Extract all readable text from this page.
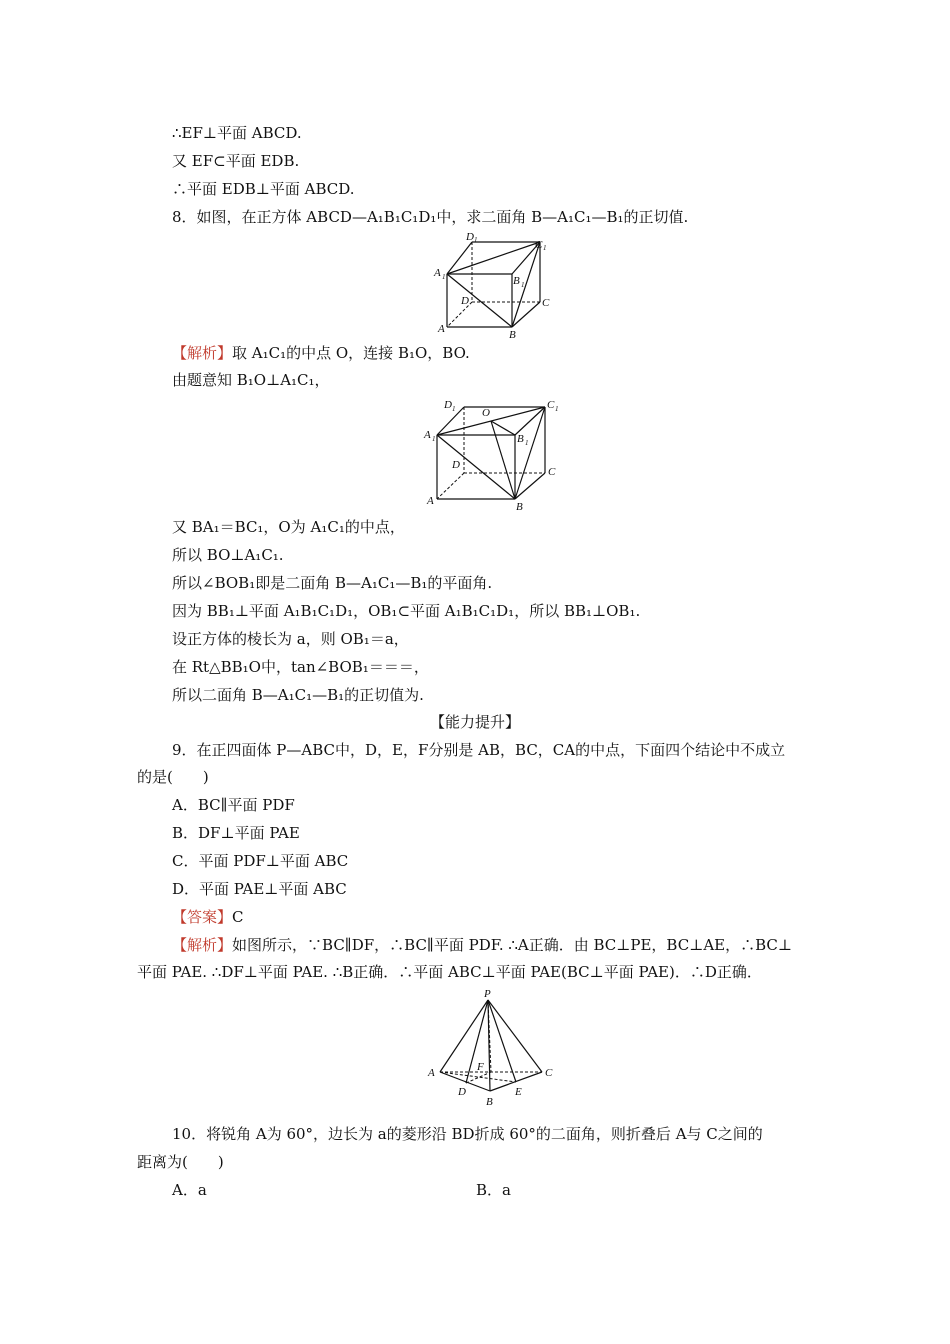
∴EF⊥平面 ABCD.
又 EF⊂平面 EDB.
∴平面 EDB⊥平面 ABCD.
8．如图，在正方体 ABCD—A₁B₁C₁D₁中，求二面角 B—A₁C₁—B₁的正切值.
D 1	C 1
A 1	B 1
D	C
A	B
【解析】取 A₁C₁的中点 O，连接 B₁O，BO.
由题意知 B₁O⊥A₁C₁，
D 1 O
C 1
A 1	B 1
D
C
A	B
又 BA₁＝BC₁，O为 A₁C₁的中点，
所以 BO⊥A₁C₁.
所以∠BOB₁即是二面角 B—A₁C₁—B₁的平面角.
因为 BB₁⊥平面 A₁B₁C₁D₁，OB₁⊂平面 A₁B₁C₁D₁，所以 BB₁⊥OB₁.
设正方体的棱长为 a，则 OB₁＝a，
在 Rt△BB₁O中，tan∠BOB₁＝＝＝，
所以二面角 B—A₁C₁—B₁的正切值为.
【能力提升】
9．在正四面体 P—ABC中，D，E，F分别是 AB，BC，CA的中点，下面四个结论中不成立
的是(　　)
A．BC∥平面 PDF
B．DF⊥平面 PAE
C．平面 PDF⊥平面 ABC
D．平面 PAE⊥平面 ABC
【答案】C
【解析】如图所示，∵BC∥DF，∴BC∥平面 PDF. ∴A正确．由 BC⊥PE，BC⊥AE，∴BC⊥
平面 PAE. ∴DF⊥平面 PAE. ∴B正确．∴平面 ABC⊥平面 PAE(BC⊥平面 PAE)．∴D正确．
P
A	F	C
D	E
B
10．将锐角 A为 60°，边长为 a的菱形沿 BD折成 60°的二面角，则折叠后 A与 C之间的
距离为(　　)
A．a	B．a
